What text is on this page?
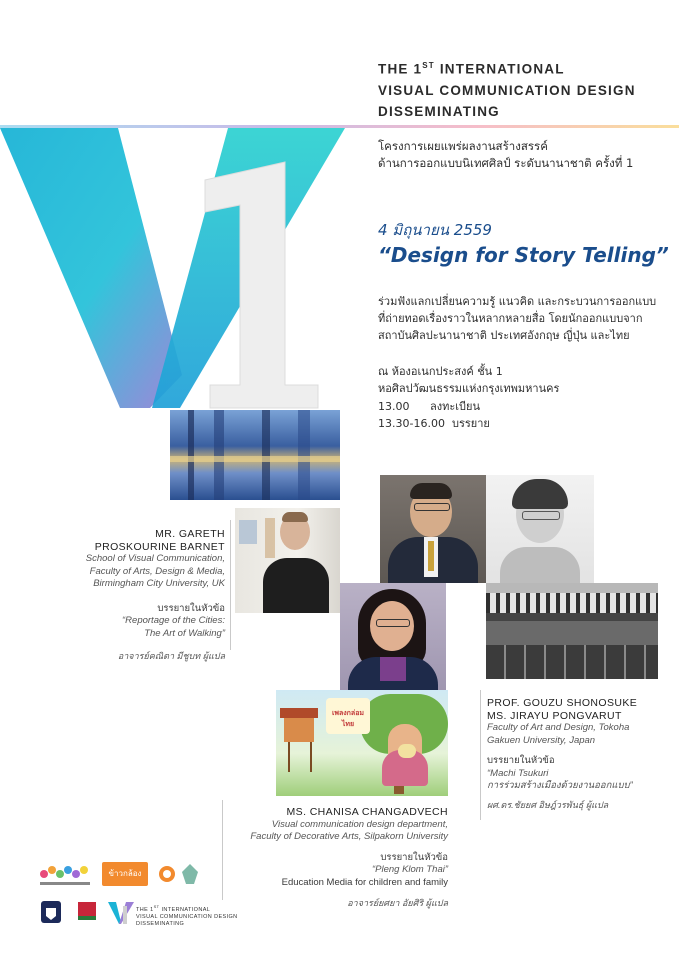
THE 1ST INTERNATIONAL
VISUAL COMMUNICATION DESIGN
DISSEMINATING
โครงการเผยแพร่ผลงานสร้างสรรค์
ด้านการออกแบบนิเทศศิลป์ ระดับนานาชาติ ครั้งที่ 1
4 มิถุนายน 2559
“Design for Story Telling”
ร่วมฟังแลกเปลี่ยนความรู้ แนวคิด และกระบวนการออกแบบ
ที่ถ่ายทอดเรื่องราวในหลากหลายสื่อ โดยนักออกแบบจาก
สถาบันศิลปะนานาชาติ ประเทศอังกฤษ ญี่ปุ่น และไทย
ณ ห้องอเนกประสงค์ ชั้น 1
หอศิลปวัฒนธรรมแห่งกรุงเทพมหานคร
13.00 ลงทะเบียน
13.30-16.00 บรรยาย
เพลงกล่อมไทย
MR. GARETH
PROSKOURINE BARNET
School of Visual Communication,
Faculty of Arts, Design & Media,
Birmingham City University, UK
บรรยายในหัวข้อ
“Reportage of the Cities:
The Art of Walking”
อาจารย์คณิตา มีชูบท ผู้แปล
PROF. GOUZU SHONOSUKE
MS. JIRAYU PONGVARUT
Faculty of Art and Design, Tokoha
Gakuen University, Japan
บรรยายในหัวข้อ
“Machi Tsukuri
การร่วมสร้างเมืองด้วยงานออกแบบ”
ผศ.ดร.ชัยยศ อิษฎ์วรพันธุ์ ผู้แปล
MS. CHANISA CHANGADVECH
Visual communication design department,
Faculty of Decorative Arts, Silpakorn University
บรรยายในหัวข้อ
“Pleng Klom Thai”
Education Media for children and family
อาจารย์ยศยา อัยศิริ ผู้แปล
ข้าวกล้อง
THE 1ST INTERNATIONAL
VISUAL COMMUNICATION DESIGN
DISSEMINATING
